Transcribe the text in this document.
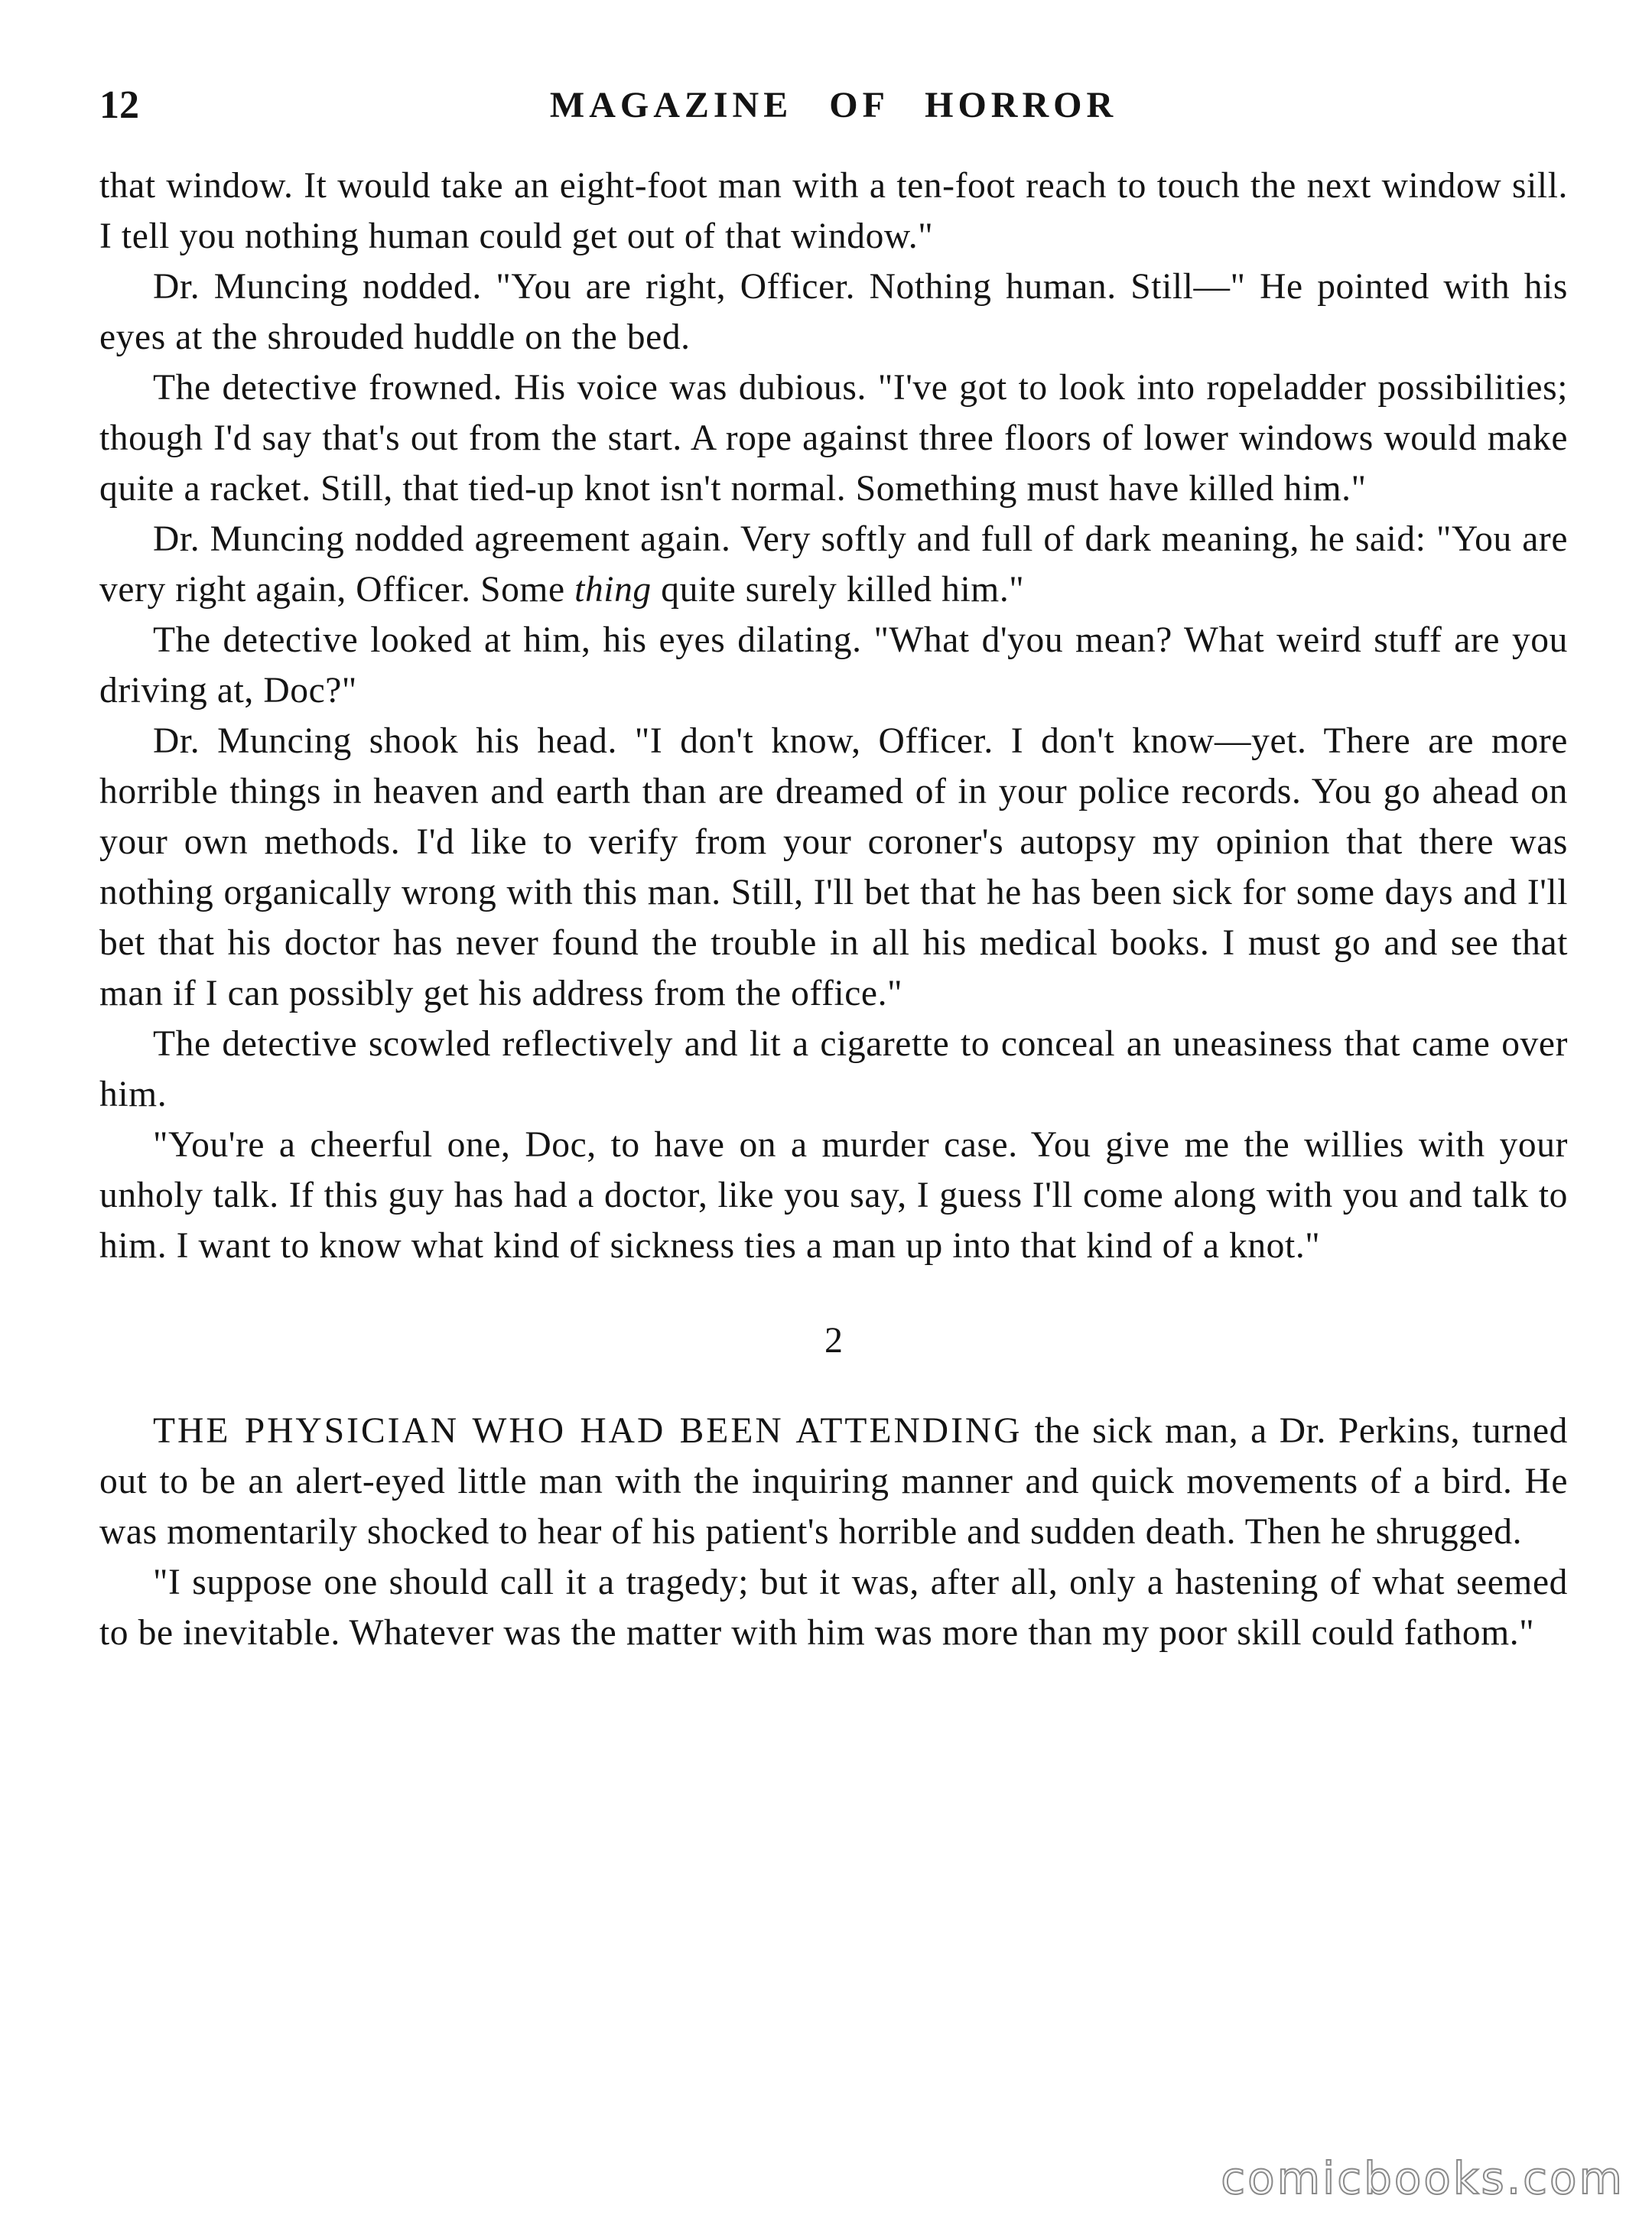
12	MAGAZINE OF HORROR

that window. It would take an eight-foot man with a ten-foot reach to touch the next window sill. I tell you nothing human could get out of that window."

Dr. Muncing nodded. "You are right, Officer. Nothing human. Still—" He pointed with his eyes at the shrouded huddle on the bed.

The detective frowned. His voice was dubious. "I've got to look into ropeladder possibilities; though I'd say that's out from the start. A rope against three floors of lower windows would make quite a racket. Still, that tied-up knot isn't normal. Something must have killed him."

Dr. Muncing nodded agreement again. Very softly and full of dark meaning, he said: "You are very right again, Officer. Some thing quite surely killed him."

The detective looked at him, his eyes dilating. "What d'you mean? What weird stuff are you driving at, Doc?"

Dr. Muncing shook his head. "I don't know, Officer. I don't know—yet. There are more horrible things in heaven and earth than are dreamed of in your police records. You go ahead on your own methods. I'd like to verify from your coroner's autopsy my opinion that there was nothing organically wrong with this man. Still, I'll bet that he has been sick for some days and I'll bet that his doctor has never found the trouble in all his medical books. I must go and see that man if I can possibly get his address from the office."

The detective scowled reflectively and lit a cigarette to conceal an uneasiness that came over him.

"You're a cheerful one, Doc, to have on a murder case. You give me the willies with your unholy talk. If this guy has had a doctor, like you say, I guess I'll come along with you and talk to him. I want to know what kind of sickness ties a man up into that kind of a knot."

2

THE PHYSICIAN WHO HAD BEEN ATTENDING the sick man, a Dr. Perkins, turned out to be an alert-eyed little man with the inquiring manner and quick movements of a bird. He was momentarily shocked to hear of his patient's horrible and sudden death. Then he shrugged.

"I suppose one should call it a tragedy; but it was, after all, only a hastening of what seemed to be inevitable. Whatever was the matter with him was more than my poor skill could fathom."

comicbooks.com
